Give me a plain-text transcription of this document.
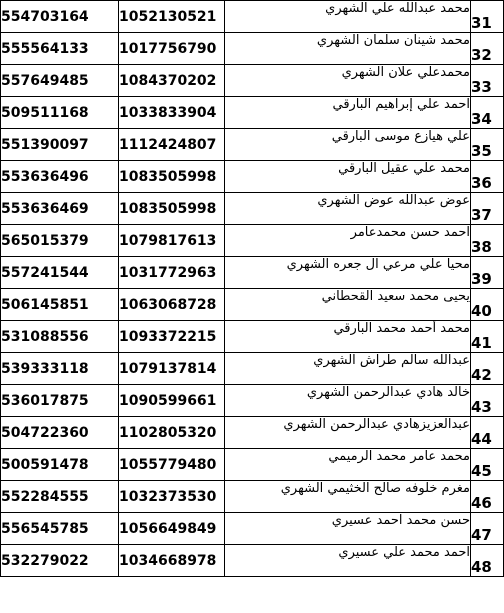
554703164	1052130521	محمد عبدالله علي الشهري	31
555564133	1017756790	محمد شينان سلمان الشهري	32
557649485	1084370202	محمدعلي علان الشهري	33
509511168	1033833904	احمد علي إبراهيم البارقي	34
551390097	1112424807	علي هيازع موسى البارقي	35
553636496	1083505998	محمد علي عقيل البارقي	36
553636469	1083505998	عوض عبدالله عوض الشهري	37
565015379	1079817613	احمد حسن محمدعامر	38
557241544	1031772963	محيا علي مرعي ال جعره الشهري	39
506145851	1063068728	يحيى محمد سعيد القحطاني	40
531088556	1093372215	محمد أحمد محمد البارقي	41
539333118	1079137814	عبدالله سالم طراش الشهري	42
536017875	1090599661	خالد هادي عبدالرحمن الشهري	43
504722360	1102805320	عبدالعزيزهادي عبدالرحمن الشهري	44
500591478	1055779480	محمد عامر محمد الرميمي	45
552284555	1032373530	مغرم خلوفه صالح الخثيمي الشهري	46
556545785	1056649849	حسن محمد احمد عسيري	47
532279022	1034668978	احمد محمد علي عسيري	48
